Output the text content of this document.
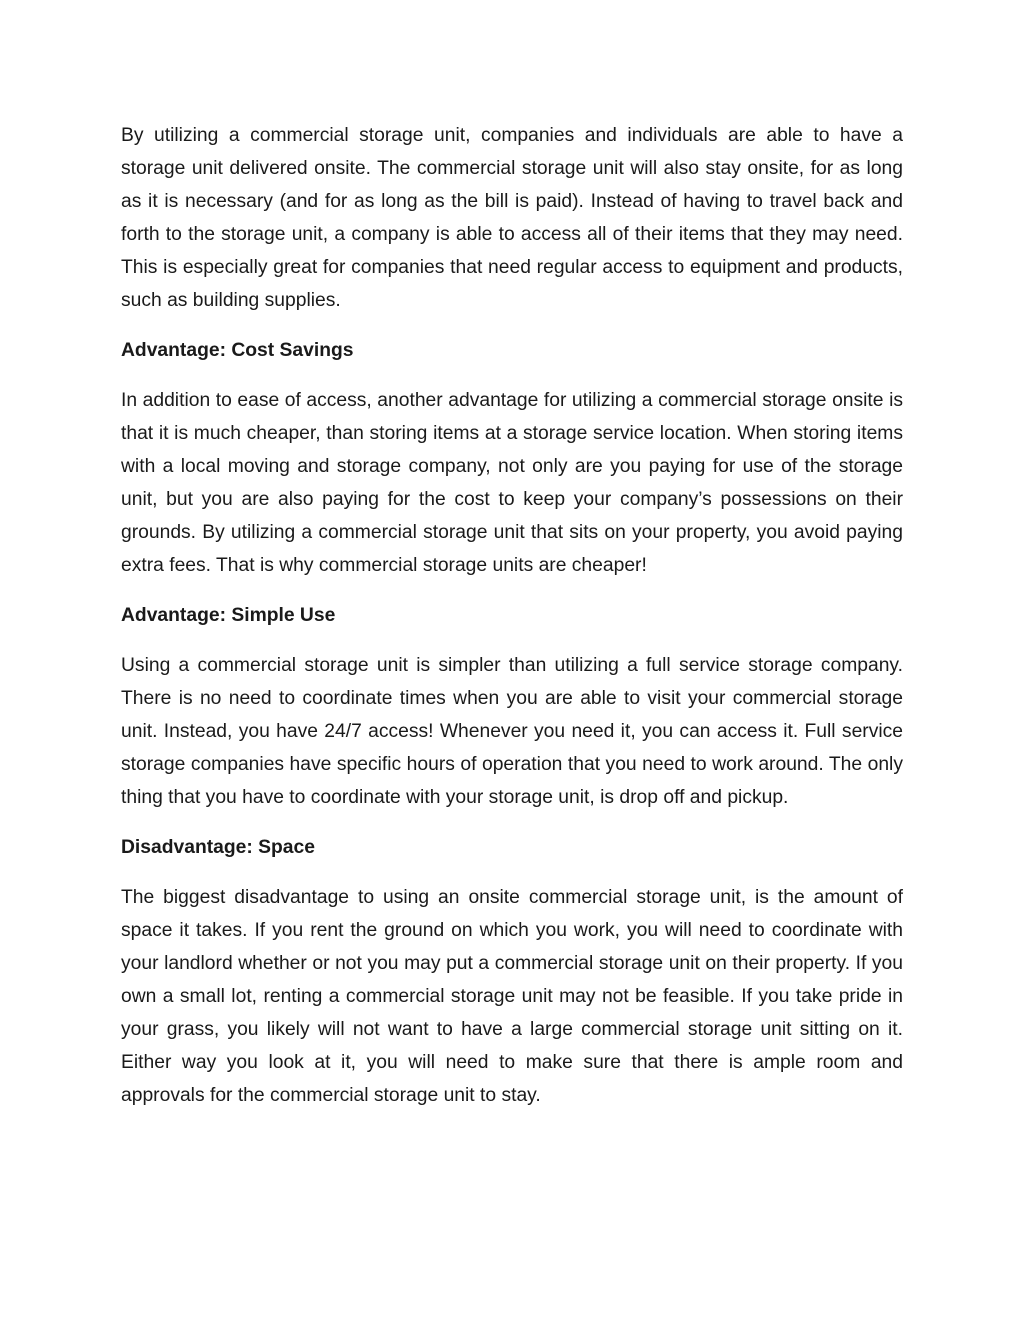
By utilizing a commercial storage unit, companies and individuals are able to have a storage unit delivered onsite. The commercial storage unit will also stay onsite, for as long as it is necessary (and for as long as the bill is paid). Instead of having to travel back and forth to the storage unit, a company is able to access all of their items that they may need. This is especially great for companies that need regular access to equipment and products, such as building supplies.

Advantage: Cost Savings

In addition to ease of access, another advantage for utilizing a commercial storage onsite is that it is much cheaper, than storing items at a storage service location. When storing items with a local moving and storage company, not only are you paying for use of the storage unit, but you are also paying for the cost to keep your company’s possessions on their grounds. By utilizing a commercial storage unit that sits on your property, you avoid paying extra fees. That is why commercial storage units are cheaper!

Advantage: Simple Use

Using a commercial storage unit is simpler than utilizing a full service storage company. There is no need to coordinate times when you are able to visit your commercial storage unit. Instead, you have 24/7 access! Whenever you need it, you can access it. Full service storage companies have specific hours of operation that you need to work around. The only thing that you have to coordinate with your storage unit, is drop off and pickup.

Disadvantage: Space

The biggest disadvantage to using an onsite commercial storage unit, is the amount of space it takes. If you rent the ground on which you work, you will need to coordinate with your landlord whether or not you may put a commercial storage unit on their property. If you own a small lot, renting a commercial storage unit may not be feasible. If you take pride in your grass, you likely will not want to have a large commercial storage unit sitting on it. Either way you look at it, you will need to make sure that there is ample room and approvals for the commercial storage unit to stay.
